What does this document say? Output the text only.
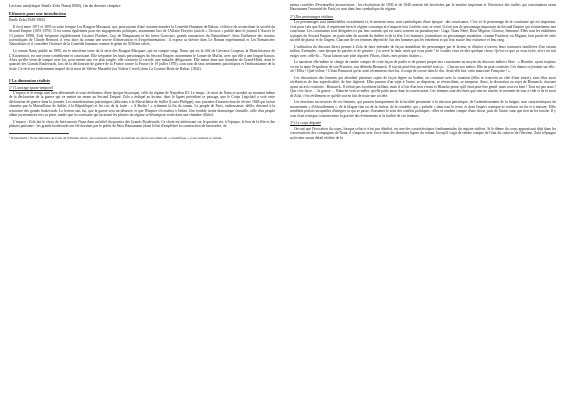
Lecture analytique Emile Zola Nana(1880), fin du dernier chapitre

Eléments pour une introduction

Emile Zola (1840-1902)

Il écrit entre 1871 et 1893 sa vaste fresque Les Rougon-Macquart, qui, poursuivant d'une certaine manière la Comédie Humaine de Balzac, s'efforce de reconstituer la société du Second Empire (1851-1870). Il est connu également pour ses engagements politiques, notamment lors de l'Affaire Dreyfus (article « J'accuse » publié dans le journal L'Aurore le 13 janvier 1898). Zola fréquente régulièrement Gustave Flaubert, Guy de Maupassant et les frères Goncourt, grands romanciers du Naturalisme¹. Sous l'influence des travaux scientifiques de Claude Bernard, il veut faire du roman une œuvre d'observation et d'expérimentation : il expose sa théorie dans Le Roman expérimental et Les Romanciers Naturalistes et il considère l'écriture de la Comédie humaine comme le génie du XIXème siècle.

Le roman Nana, publié en 1880, est le neuvième tome de la série des Rougon-Macquart, qui en compte vingt. Nana, qui est la fille de Gervaise Coupeau, la Blanchisseuse de L'Assommoir, est une jeune comédienne et courtisane. Elle fréquente les hauts personnages du Second Empire, notamment le Comte de Muffat, avec qui elle a une longue liaison. Alors qu'elle vient de rompre avec lui, pour mener une vie plus rangée, elle contracte la variole, une maladie défigurante. Elle meurt dans une chambre du Grand-Hôtel, dans le quartier des Grands Boulevards, lors de la déclaration de guerre de la France contre la Prusse (le 19 juillet 1870), sous tant de faux sentiments patriotiques et l'enthousiasme de la foule. Ce récit est évidemment inspiré de la mort de Valérie Marneffe (ou Valérie Crevel) dans La Cousine Bette de Balzac (1842).

I La dimension réaliste

1°) L'ancrage spatio-temporel

L'espace et le temps sont bien déterminés et sont révélateurs d'une époque historique, celle du régime de Napoléon III. Le temps : le mort de Nana se produit au moment même de la déclaration de la guerre qui va mettre un terme au Second Empire. Zola a indiqué au lecteur, dans le lignes précédant ce passage, que le Corps Législatif a voté cette déclaration de guerre dans la journée. Les manifestations patriotiques (allusions à la Marseillaise de Juillet (Louis-Philippe), aux journées d'insurrection de février 1848 qui furent chantées par la Marseillaise de Juillet, à la République) et les cris de la foule : « A Berlin ! » rythment la fin du roman. Le peuple de Paris, enthousiaste, défile, descend à la rencontre des grands boulevards. Le lecteur sait, lui, que la guerre sera un désastre, et que l'Empire s'écroulera à Sedan. Une terrible ironie dramatique s'installe, celle d'un peuple allant joyeusement vers sa perte, tandis que la courtisane qui incarnait les plaisirs du régime se décompose seule dans une chambre d'hôtel.

L'espace : Zola fait le choix de faire mourir Nana dans un hôtel du quartier des Grands Boulevards. Ce choix est intéressant car le quartier est, à l'époque, le lieu de la fête et des plaisirs parisiens : les grands boulevards ont été dessinés par le préfet de Paris Haussmann (dans le but d'empêcher la construction de barricades, de

¹ Naturalisme : Ecole littéraire de la fin du XIXème siècle, qui reprend le réalisme en mettant en œuvre une méthode « scientifique », pour restituer le réalité.

mieux contrôler d'éventuelles insurrections : les révolutions de 1830 et de 1848 avaient été favorisées par le nombre important et l'étroitesse des ruelles qui constituaient avant Haussmann l'essentiel de Paris) et sont dans leur symbolique du régime.

2°) Des personnages réalistes

Les personnages sont identifiables socialement et, le moment venu, sont symboliques d'une époque : des courtisanes. C'est ici le personnage de la courtisane qui est important, c'est pour cela que Zola, il représente bien le régime corrompu et n'importe tout s'achète, tout se vend. Il n'est pas de personnage important du Second Empire qui n'entretienne une courtisane. Les courtisanes sont désignées ici par leur surnom, qui est aussi souvent un pseudonyme : Gaga, Tatan Néné, Rose Mignon, Clarisse, Simonne. Elles sont les emblèmes typiques du Second Empire, en particulier du monde du théâtre et de la fête. Les hommes, journalistes ou personnages mondains, comme Fauchery ou Mignon, font partie de cette société de plaisir et de l'argent. Chacune de ces femmes dépend de l'un des hommes qui les entretient et qui leur assure leur existence et leur rang.

L'utilisation du discours direct permet à Zola de faire entendre de façon immédiate les personnages par le lecteur et d'imiter à travers leurs tournures familières d'un certain milieu. Exemples : une époque de paroles et de griserie : j'ai crevé la faim, mais qui vous parle ! Je voulais vous en dire quelque chose. Qu'est-ce que ça vous fiche, m'a-t-on fait exiger avec celle-là… Nous faisons une jolie tripotée. Filons, filons, mes petites chattes ».

La narration elle-même se charge de rendre compte de cette façon de parler et de penser propre aux courtisanes au moyen du discours indirect libre : « Blanche, ayant toujours vu sur la tante l'expulsion de son Prussien, son défendu Bismarck. Il n'avait peut-être pas mérité tout ça… Chacun son métier. Elle ne peut contester. Ces dames se jetaient sur elle : oh ! Elles ! Quel voleur ! C'était Bismarck qu'on avait récemment chez lui, à coups de crosse dans le dos. Avait-elle fini, cette mauvaise Française ! ».

Les discussions des femmes qui abordent plusieurs sujets de façon légère ou badine, en contraste avec la situation (elles se trouvent au côté d'une morte), sont elles aussi révélatrices de leur superficialité, de leur légèreté. Elles passent d'un sujet à l'autre, se disputent, se réconcilient, se moquent. Ainsi, la discussion au sujet de Bismarck, chacune ayant un avis contraire : Bismarck. Il n'était pas forcément brillant, mais il a l'air d'un bon vivant et Blanche pense qu'il était peut-être gentil, mais tout est bien ! Tout est pas nous ! Que c'est farce … la guerre … Blanche veut se mêler, qu'elle parle aussi dans la conversation. Ces femmes sont des êtres que rien ne touche, le moment de tout à vide et de la mort de Zola, c'est réellement ce qu'elle sait en fait de toute une société.

Les réactions successives de ces femmes, qui passent brusquement de la lucidité pessimiste à la réaction patriotique, de l'attendrissement de la fatigue, sont caractéristiques du mouvement « d'échauffement », de la blague fine ou de la fiction, de la comédie, qui « préside » dans tout le texte, et dont l'aspect comique se renforce au fur et à mesure. Elles semblent parfois incapables d'intégrer ce qui se passe, d'assumer le sens des conflits politiques : elles se rendent compte d'une chose, puis de l'autre, sans que rien ne les touche. Il y a un écart ironique constant entre la gravité des événements et la futilité de ces femmes.

3°) Le corps dégradé

On sait que l'évocation du corps, lorsque celui-ci n'est pas idéalisé, est une des caractéristiques fondamentales du registre réaliste. Si le thème du corps apparaissait déjà dans les conversations des compagnes de Nana, il s'impose avec force dans les dernières lignes du roman, lorsqu'il s'agit de rendre compte de l'état du cadavre de l'héroïne. Zola n'épargne au lecteur aucun détail réaliste de la
